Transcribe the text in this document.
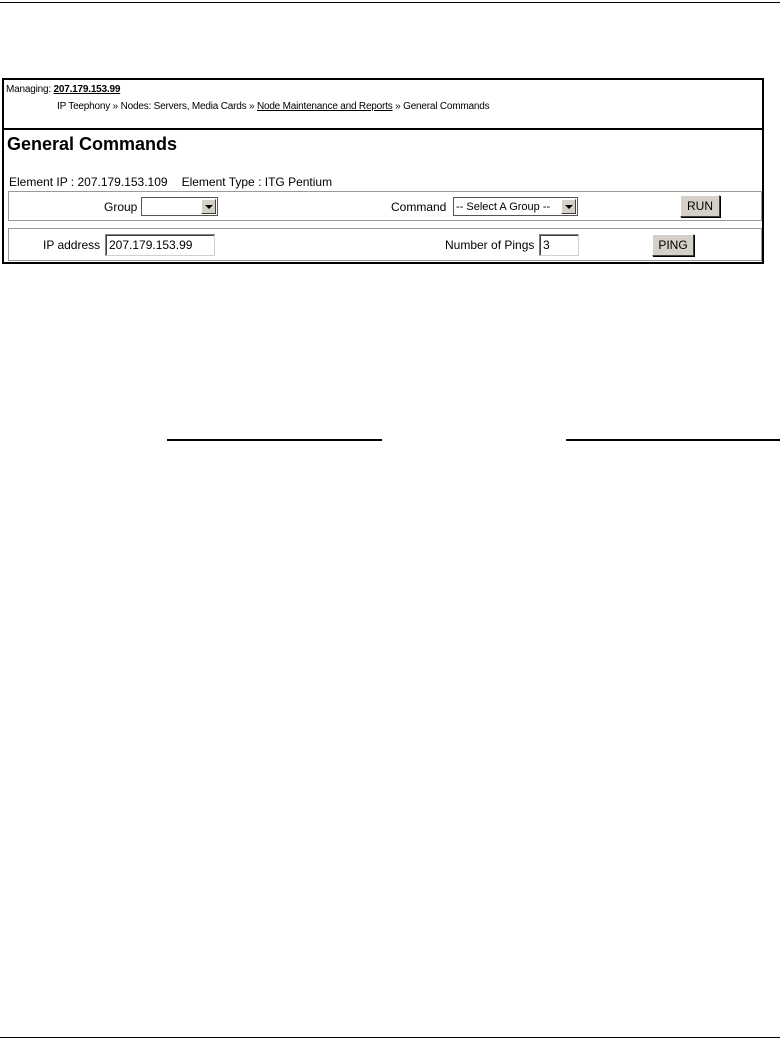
Managing: 207.179.153.99
IP Teephony » Nodes: Servers, Media Cards » Node Maintenance and Reports » General Commands
General Commands
Element IP : 207.179.153.109 Element Type : ITG Pentium
Group	Command -- Select A Group --	RUN
IP address 207.179.153.99	Number of Pings 3	PING
